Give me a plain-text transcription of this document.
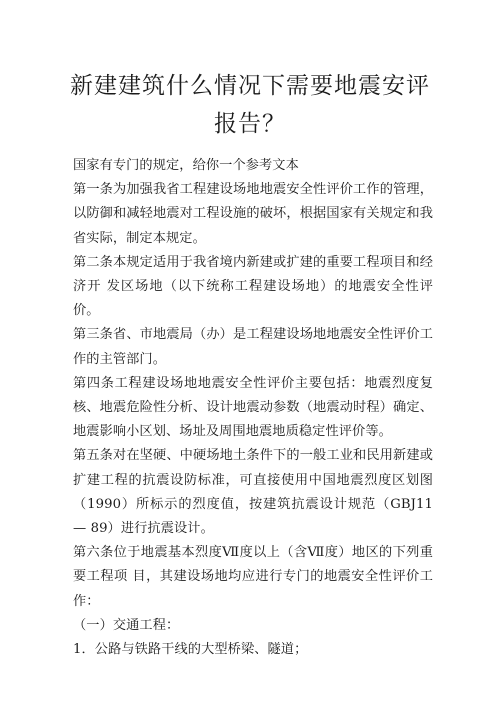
新建建筑什么情况下需要地震安评
报告？

国家有专门的规定，给你一个参考文本

第一条为加强我省工程建设场地地震安全性评价工作的管理，以防御和减轻地震对工程设施的破坏，根据国家有关规定和我省实际，制定本规定。

第二条本规定适用于我省境内新建或扩建的重要工程项目和经济开 发区场地（以下统称工程建设场地）的地震安全性评价。

第三条省、市地震局（办）是工程建设场地地震安全性评价工作的主管部门。

第四条工程建设场地地震安全性评价主要包括：地震烈度复核、地震危险性分析、设计地震动参数（地震动时程）确定、地震影响小区划、场址及周围地震地质稳定性评价等。

第五条对在坚硬、中硬场地土条件下的一般工业和民用新建或扩建工程的抗震设防标准，可直接使用中国地震烈度区划图（1990）所标示的烈度值，按建筑抗震设计规范（GBJ11 — 89）进行抗震设计。

第六条位于地震基本烈度Ⅶ度以上（含Ⅶ度）地区的下列重要工程项 目，其建设场地均应进行专门的地震安全性评价工作：

（一）交通工程：

1．公路与铁路干线的大型桥梁、隧道；
